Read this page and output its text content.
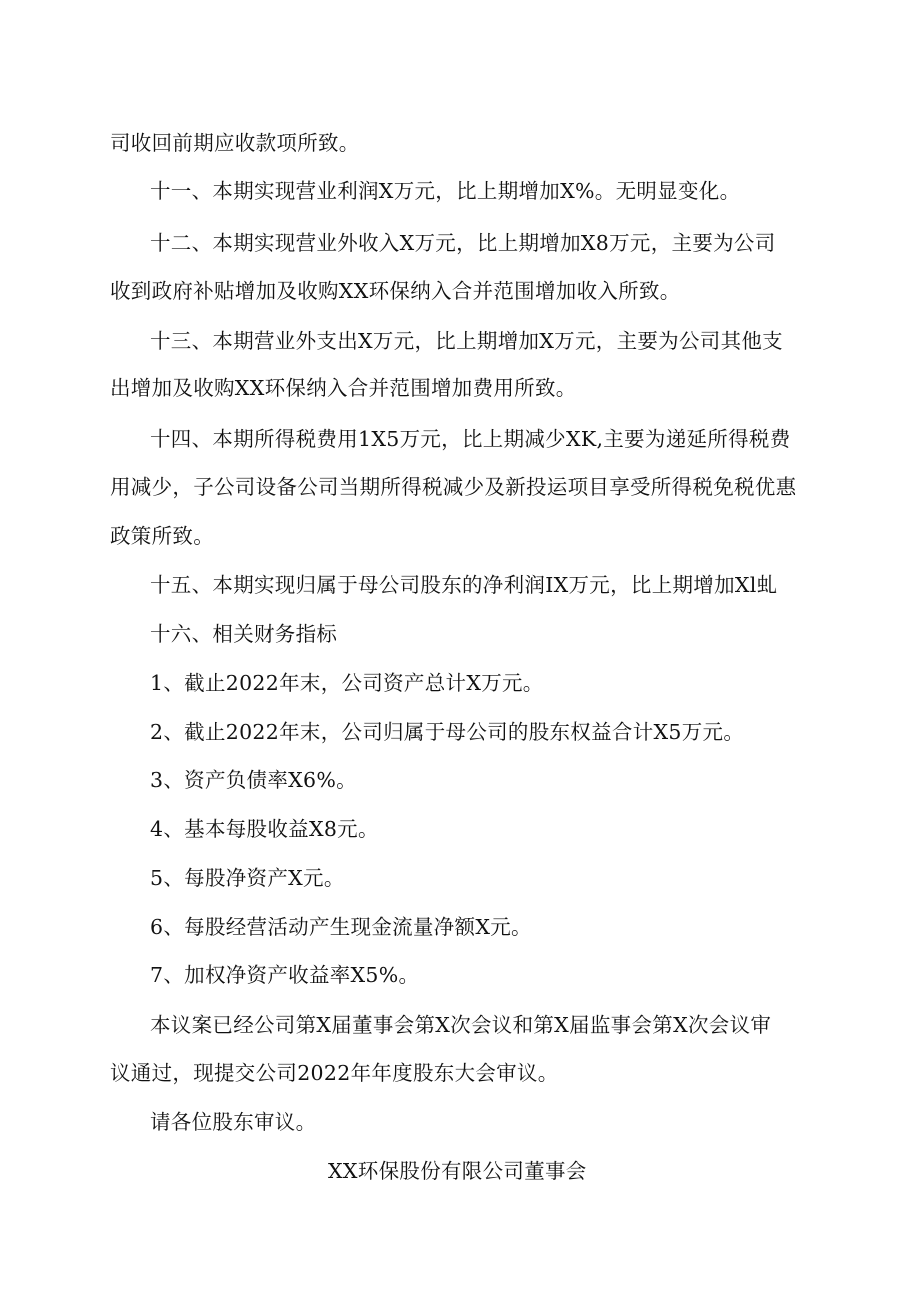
司收回前期应收款项所致。
十一、本期实现营业利润X万元，比上期增加X%。无明显变化。
十二、本期实现营业外收入X万元，比上期增加X8万元，主要为公司
收到政府补贴增加及收购XX环保纳入合并范围增加收入所致。
十三、本期营业外支出X万元，比上期增加X万元，主要为公司其他支
出增加及收购XX环保纳入合并范围增加费用所致。
十四、本期所得税费用1X5万元，比上期减少XK,主要为递延所得税费
用减少，子公司设备公司当期所得税减少及新投运项目享受所得税免税优惠
政策所致。
十五、本期实现归属于母公司股东的净利润IX万元，比上期增加Xl虬
十六、相关财务指标
1、截止2022年末，公司资产总计X万元。
2、截止2022年末，公司归属于母公司的股东权益合计X5万元。
3、资产负债率X6%。
4、基本每股收益X8元。
5、每股净资产X元。
6、每股经营活动产生现金流量净额X元。
7、加权净资产收益率X5%。
本议案已经公司第X届董事会第X次会议和第X届监事会第X次会议审
议通过，现提交公司2022年年度股东大会审议。
请各位股东审议。
XX环保股份有限公司董事会
